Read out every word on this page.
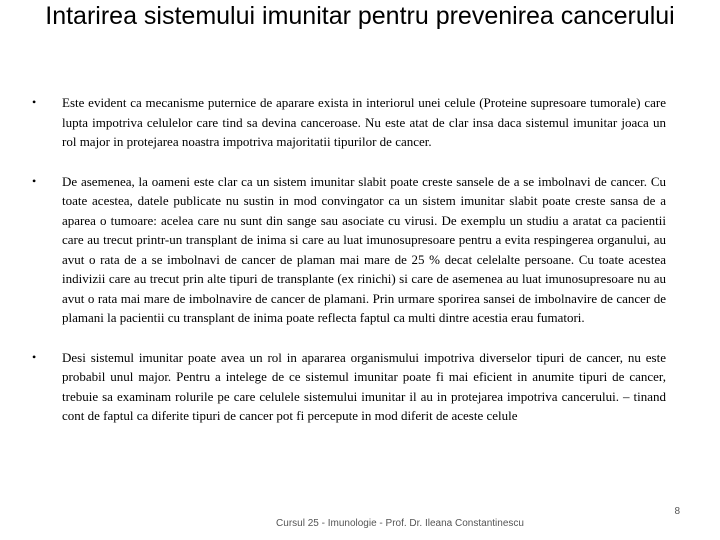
Intarirea sistemului imunitar pentru prevenirea cancerului
• Este evident ca mecanisme puternice de aparare exista in interiorul unei celule (Proteine supresoare tumorale) care lupta impotriva celulelor care tind sa devina canceroase. Nu este atat de clar insa daca sistemul imunitar joaca un rol major in protejarea noastra impotriva majoritatii tipurilor de cancer.
• De asemenea, la oameni este clar ca un sistem imunitar slabit poate creste sansele de a se imbolnavi de cancer. Cu toate acestea, datele publicate nu sustin in mod convingator ca un sistem imunitar slabit poate creste sansa de a aparea o tumoare: acelea care nu sunt din sange sau asociate cu virusi. De exemplu un studiu a aratat ca pacientii care au trecut printr-un transplant de inima si care au luat imunosupresoare pentru a evita respingerea organului, au avut o rata de a se imbolnavi de cancer de plaman mai mare de 25 % decat celelalte persoane. Cu toate acestea indivizii care au trecut prin alte tipuri de transplante (ex rinichi) si care de asemenea au luat imunosupresoare nu au avut o rata mai mare de imbolnavire de cancer de plamani. Prin urmare sporirea sansei de imbolnavire de cancer de plamani la pacientii cu transplant de inima poate reflecta faptul ca multi dintre acestia erau fumatori.
• Desi sistemul imunitar poate avea un rol in apararea organismului impotriva diverselor tipuri de cancer, nu este probabil unul major. Pentru a intelege de ce sistemul imunitar poate fi mai eficient in anumite tipuri de cancer, trebuie sa examinam rolurile pe care celulele sistemului imunitar il au in protejarea impotriva cancerului. – tinand cont de faptul ca diferite tipuri de cancer pot fi percepute in mod diferit de aceste celule
Cursul 25 - Imunologie - Prof. Dr. Ileana Constantinescu
8
